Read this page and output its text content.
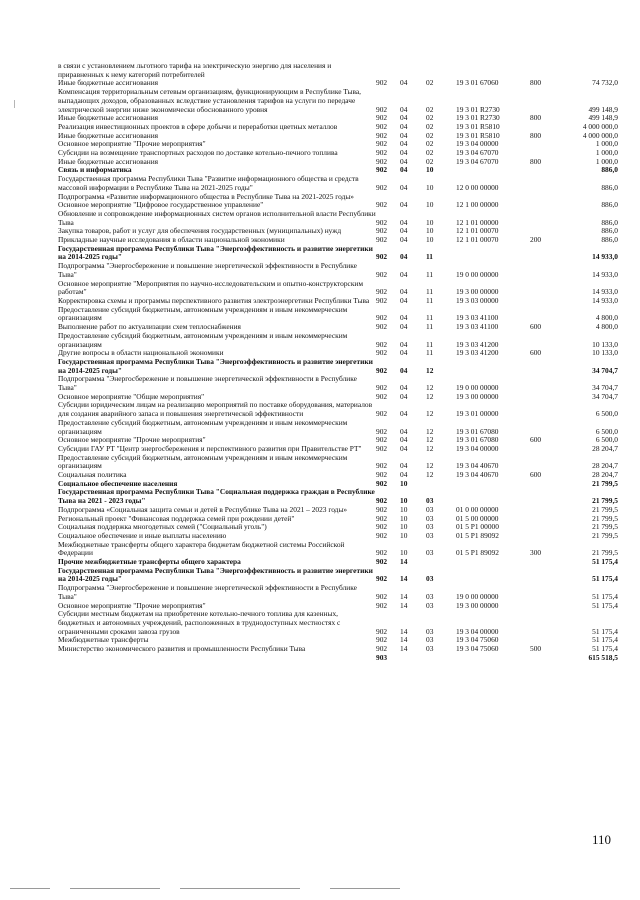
в связи с установлением льготного тарифа на электрическую энергию для населения и приравненных к нему категорий потребителей						
Иные бюджетные ассигнования	902	04	02	19 3 01 67060	800	74 732,0
Компенсация территориальным сетевым организациям, функционирующим в Республике Тыва, выпадающих доходов, образованных вследствие установления тарифов на услуги по передаче электрической энергии ниже экономически обоснованного уровня	902	04	02	19 3 01 R2730		499 148,9
Иные бюджетные ассигнования	902	04	02	19 3 01 R2730	800	499 148,9
Реализация инвестиционных проектов в сфере добычи и переработки цветных металлов	902	04	02	19 3 01 R5810		4 000 000,0
Иные бюджетные ассигнования	902	04	02	19 3 01 R5810	800	4 000 000,0
Основное мероприятие "Прочие мероприятия"	902	04	02	19 3 04 00000		1 000,0
Субсидии на возмещение транспортных расходов по доставке котельно-печного топлива	902	04	02	19 3 04 67070		1 000,0
Иные бюджетные ассигнования	902	04	02	19 3 04 67070	800	1 000,0
Связь и информатика	902	04	10			886,0
Государственная программа Республики Тыва "Развитие информационного общества и средств массовой информации в Республике Тыва на 2021-2025 годы"	902	04	10	12 0 00 00000		886,0
Подпрограмма «Развитие информационного общества в Республике Тыва на 2021-2025 годы»						
Основное мероприятие "Цифровое государственное управление"	902	04	10	12 1 00 00000		886,0
Обновление и сопровождение информационных систем органов исполнительной власти Республики Тыва	902	04	10	12 1 01 00000		886,0
Закупка товаров, работ и услуг для обеспечения государственных (муниципальных) нужд	902	04	10	12 1 01 00070		886,0
Прикладные научные исследования в области национальной экономики	902	04	10	12 1 01 00070	200	886,0
Государственная программа Республики Тыва "Энергоэффективность и развитие энергетики на 2014-2025 годы"	902	04	11			14 933,0
Подпрограмма "Энергосбережение и повышение энергетической эффективности в Республике Тыва"	902	04	11	19 0 00 00000		14 933,0
Основное мероприятие "Мероприятия по научно-исследовательским и опытно-конструкторским работам"	902	04	11	19 3 00 00000		14 933,0
Корректировка схемы и программы перспективного развития электроэнергетики Республики Тыва	902	04	11	19 3 03 00000		14 933,0
Предоставление субсидий бюджетным, автономным учреждениям и иным некоммерческим организациям	902	04	11	19 3 03 41100		4 800,0
Выполнение работ по актуализации схем теплоснабжения	902	04	11	19 3 03 41100	600	4 800,0
Предоставление субсидий бюджетным, автономным учреждениям и иным некоммерческим организациям	902	04	11	19 3 03 41200		10 133,0
Другие вопросы в области национальной экономики	902	04	11	19 3 03 41200	600	10 133,0
Государственная программа Республики Тыва "Энергоэффективность и развитие энергетики на 2014-2025 годы"	902	04	12			34 704,7
Подпрограмма "Энергосбережение и повышение энергетической эффективности в Республике Тыва"	902	04	12	19 0 00 00000		34 704,7
Основное мероприятие "Общие мероприятия"	902	04	12	19 3 00 00000		34 704,7
Субсидии юридическим лицам на реализацию мероприятий по поставке оборудования, материалов для создания аварийного запаса и повышения энергетической эффективности	902	04	12	19 3 01 00000		6 500,0
Предоставление субсидий бюджетным, автономным учреждениям и иным некоммерческим организациям	902	04	12	19 3 01 67080		6 500,0
Основное мероприятие "Прочие мероприятия"	902	04	12	19 3 01 67080	600	6 500,0
Субсидии ГАУ РТ "Центр энергосбережения и перспективного развития при Правительстве РТ"	902	04	12	19 3 04 00000		28 204,7
Предоставление субсидий бюджетным, автономным учреждениям и иным некоммерческим организациям	902	04	12	19 3 04 40670		28 204,7
Социальная политика	902	04	12	19 3 04 40670	600	28 204,7
Социальное обеспечение населения	902	10				21 799,5
Государственная программа Республики Тыва "Социальная поддержка граждан в Республике Тыва на 2021 - 2023 годы"	902	10	03			21 799,5
Подпрограмма «Социальная защита семьи и детей в Республике Тыва на 2021 – 2023 годы»	902	10	03	01 0 00 00000		21 799,5
Региональный проект "Финансовая поддержка семей при рождении детей"	902	10	03	01 5 00 00000		21 799,5
Социальная поддержка многодетных семей ("Социальный уголь")	902	10	03	01 5 P1 00000		21 799,5
Социальное обеспечение и иные выплаты населению	902	10	03	01 5 P1 89092		21 799,5
Межбюджетные трансферты общего характера бюджетам бюджетной системы Российской Федерации	902	10	03	01 5 P1 89092	300	21 799,5
Прочие межбюджетные трансферты общего характера	902	14				51 175,4
Государственная программа Республики Тыва "Энергоэффективность и развитие энергетики на 2014-2025 годы"	902	14	03			51 175,4
Подпрограмма "Энергосбережение и повышение энергетической эффективности в Республике Тыва"	902	14	03	19 0 00 00000		51 175,4
Основное мероприятие "Прочие мероприятия"	902	14	03	19 3 00 00000		51 175,4
Субсидии местным бюджетам на приобретение котельно-печного топлива для казенных, бюджетных и автономных учреждений, расположенных в труднодоступных местностях с ограниченными сроками завоза грузов	902	14	03	19 3 04 00000		51 175,4
Межбюджетные трансферты	902	14	03	19 3 04 75060		51 175,4
Министерство экономического развития и промышленности Республики Тыва	902	14	03	19 3 04 75060	500	51 175,4
	903					615 518,5
110
